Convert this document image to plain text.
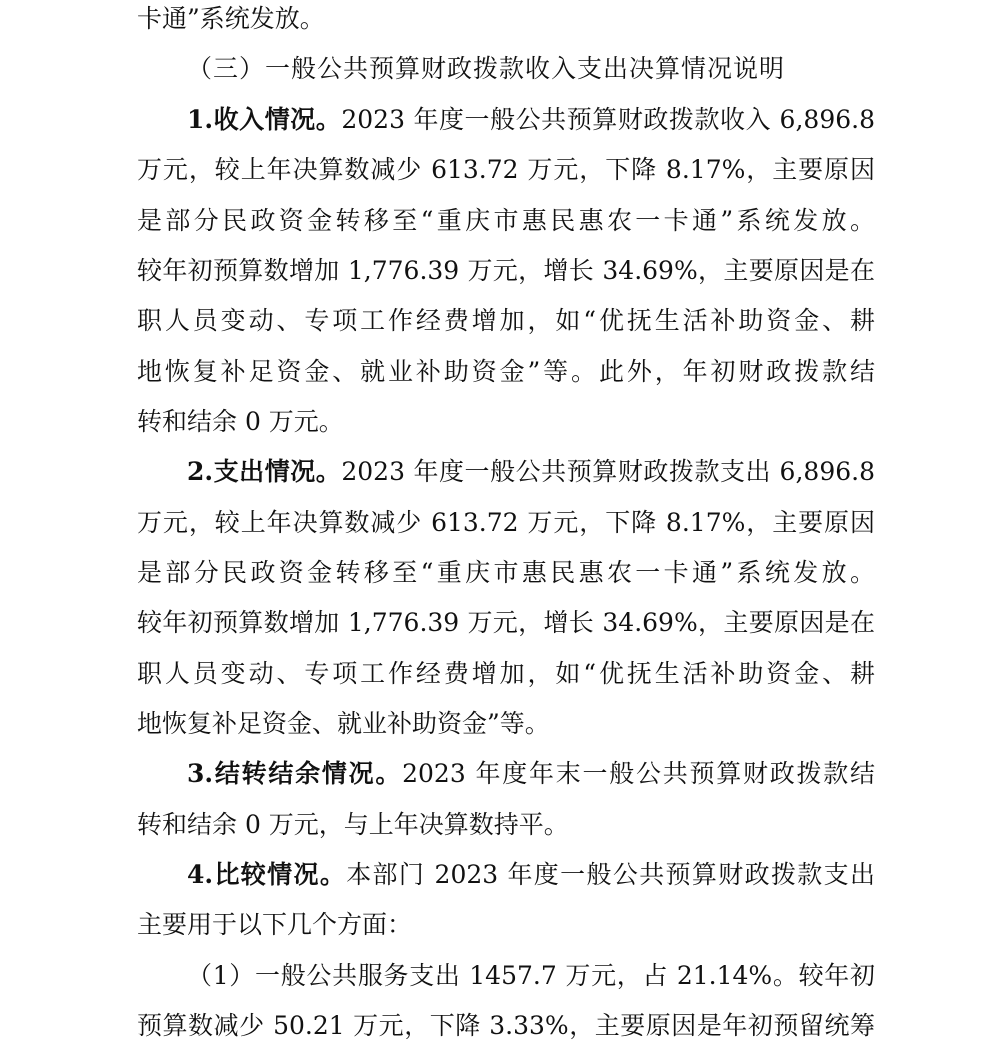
卡通”系统发放。
（三）一般公共预算财政拨款收入支出决算情况说明
1.收入情况。2023 年度一般公共预算财政拨款收入 6,896.8
万元，较上年决算数减少 613.72 万元，下降 8.17%，主要原因
是部分民政资金转移至“重庆市惠民惠农一卡通”系统发放。
较年初预算数增加 1,776.39 万元，增长 34.69%，主要原因是在
职人员变动、专项工作经费增加，如“优抚生活补助资金、耕
地恢复补足资金、就业补助资金”等。此外，年初财政拨款结
转和结余 0 万元。
2.支出情况。2023 年度一般公共预算财政拨款支出 6,896.8
万元，较上年决算数减少 613.72 万元，下降 8.17%，主要原因
是部分民政资金转移至“重庆市惠民惠农一卡通”系统发放。
较年初预算数增加 1,776.39 万元，增长 34.69%，主要原因是在
职人员变动、专项工作经费增加，如“优抚生活补助资金、耕
地恢复补足资金、就业补助资金”等。
3.结转结余情况。2023 年度年末一般公共预算财政拨款结
转和结余 0 万元，与上年决算数持平。
4.比较情况。本部门 2023 年度一般公共预算财政拨款支出
主要用于以下几个方面：
（1）一般公共服务支出 1457.7 万元，占 21.14%。较年初
预算数减少 50.21 万元，下降 3.33%，主要原因是年初预留统筹
